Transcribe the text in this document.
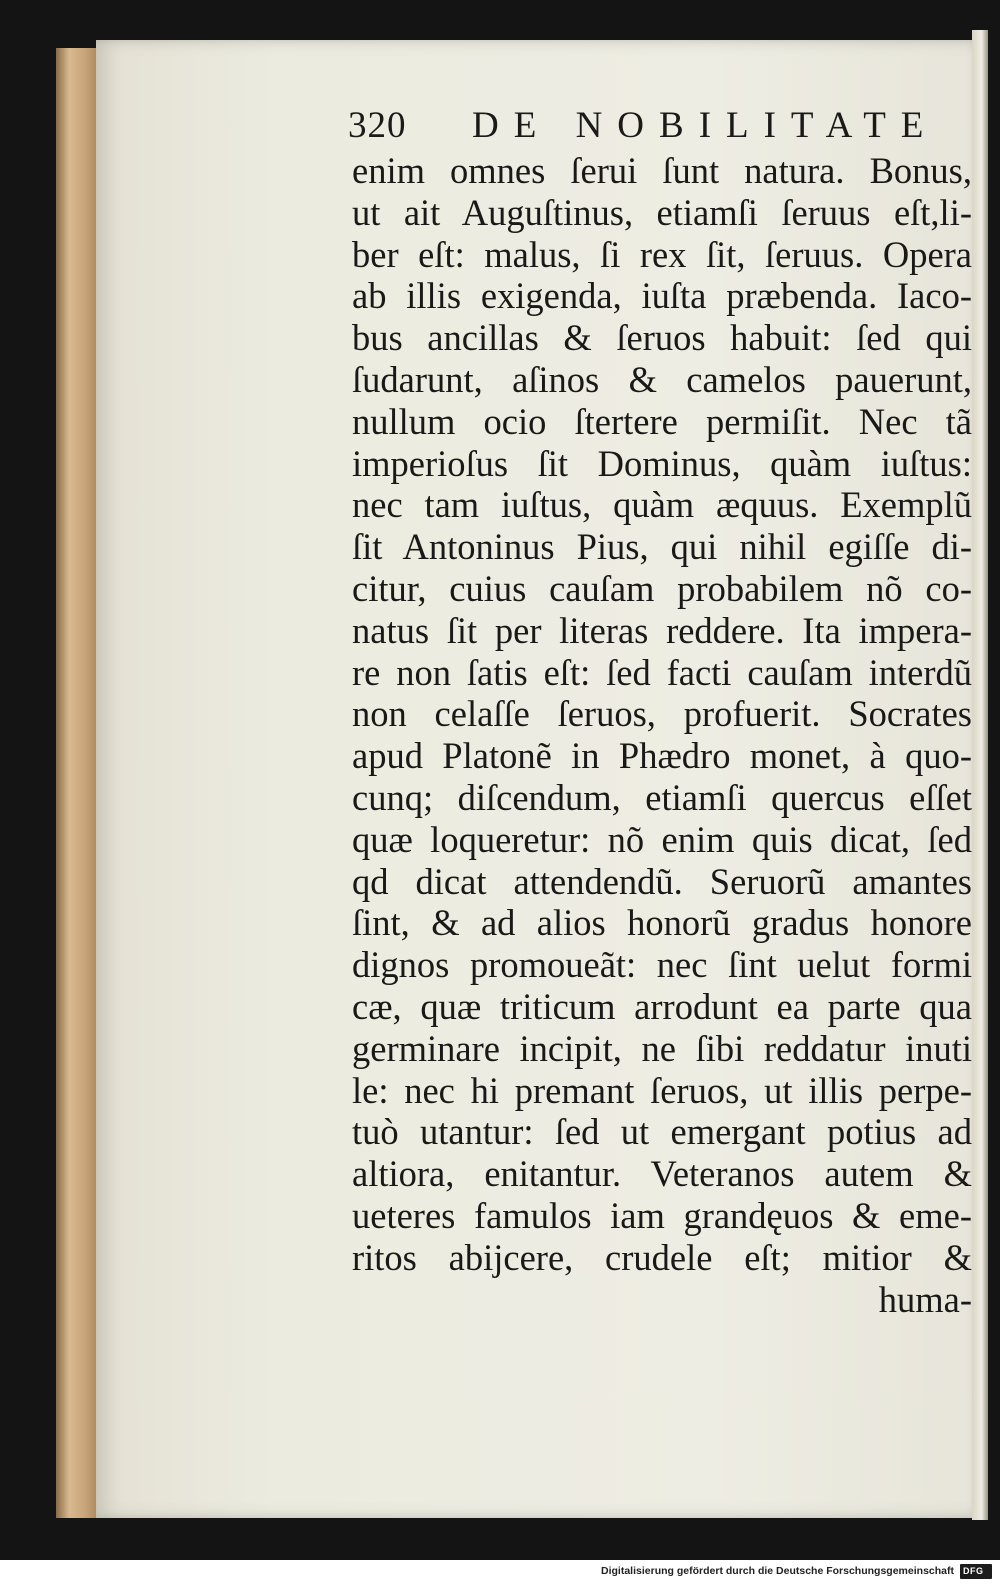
320 DE NOBILITATE
enim omnes ſerui ſunt natura. Bonus,
ut ait Auguſtinus, etiamſi ſeruus eſt,li-
ber eſt: malus, ſi rex ſit, ſeruus. Opera
ab illis exigenda, iuſta præbenda. Iaco-
bus ancillas & ſeruos habuit: ſed qui
ſudarunt, aſinos & camelos pauerunt,
nullum ocio ſtertere permiſit. Nec tã
imperioſus ſit Dominus, quàm iuſtus:
nec tam iuſtus, quàm æquus. Exemplũ
ſit Antoninus Pius, qui nihil egiſſe di-
citur, cuius cauſam probabilem nõ co-
natus ſit per literas reddere. Ita impera-
re non ſatis eſt: ſed facti cauſam interdũ
non celaſſe ſeruos, profuerit. Socrates
apud Platonẽ in Phædro monet, à quo-
cunq; diſcendum, etiamſi quercus eſſet
quæ loqueretur: nõ enim quis dicat, ſed
qd dicat attendendũ. Seruorũ amantes
ſint, & ad alios honorũ gradus honore
dignos promoueãt: nec ſint uelut formi
cæ, quæ triticum arrodunt ea parte qua
germinare incipit, ne ſibi reddatur inuti
le: nec hi premant ſeruos, ut illis perpe-
tuò utantur: ſed ut emergant potius ad
altiora, enitantur. Veteranos autem &
ueteres famulos iam grandęuos & eme-
ritos abijcere, crudele eſt; mitior &
huma-
Digitalisierung gefördert durch die Deutsche Forschungsgemeinschaft DFG
